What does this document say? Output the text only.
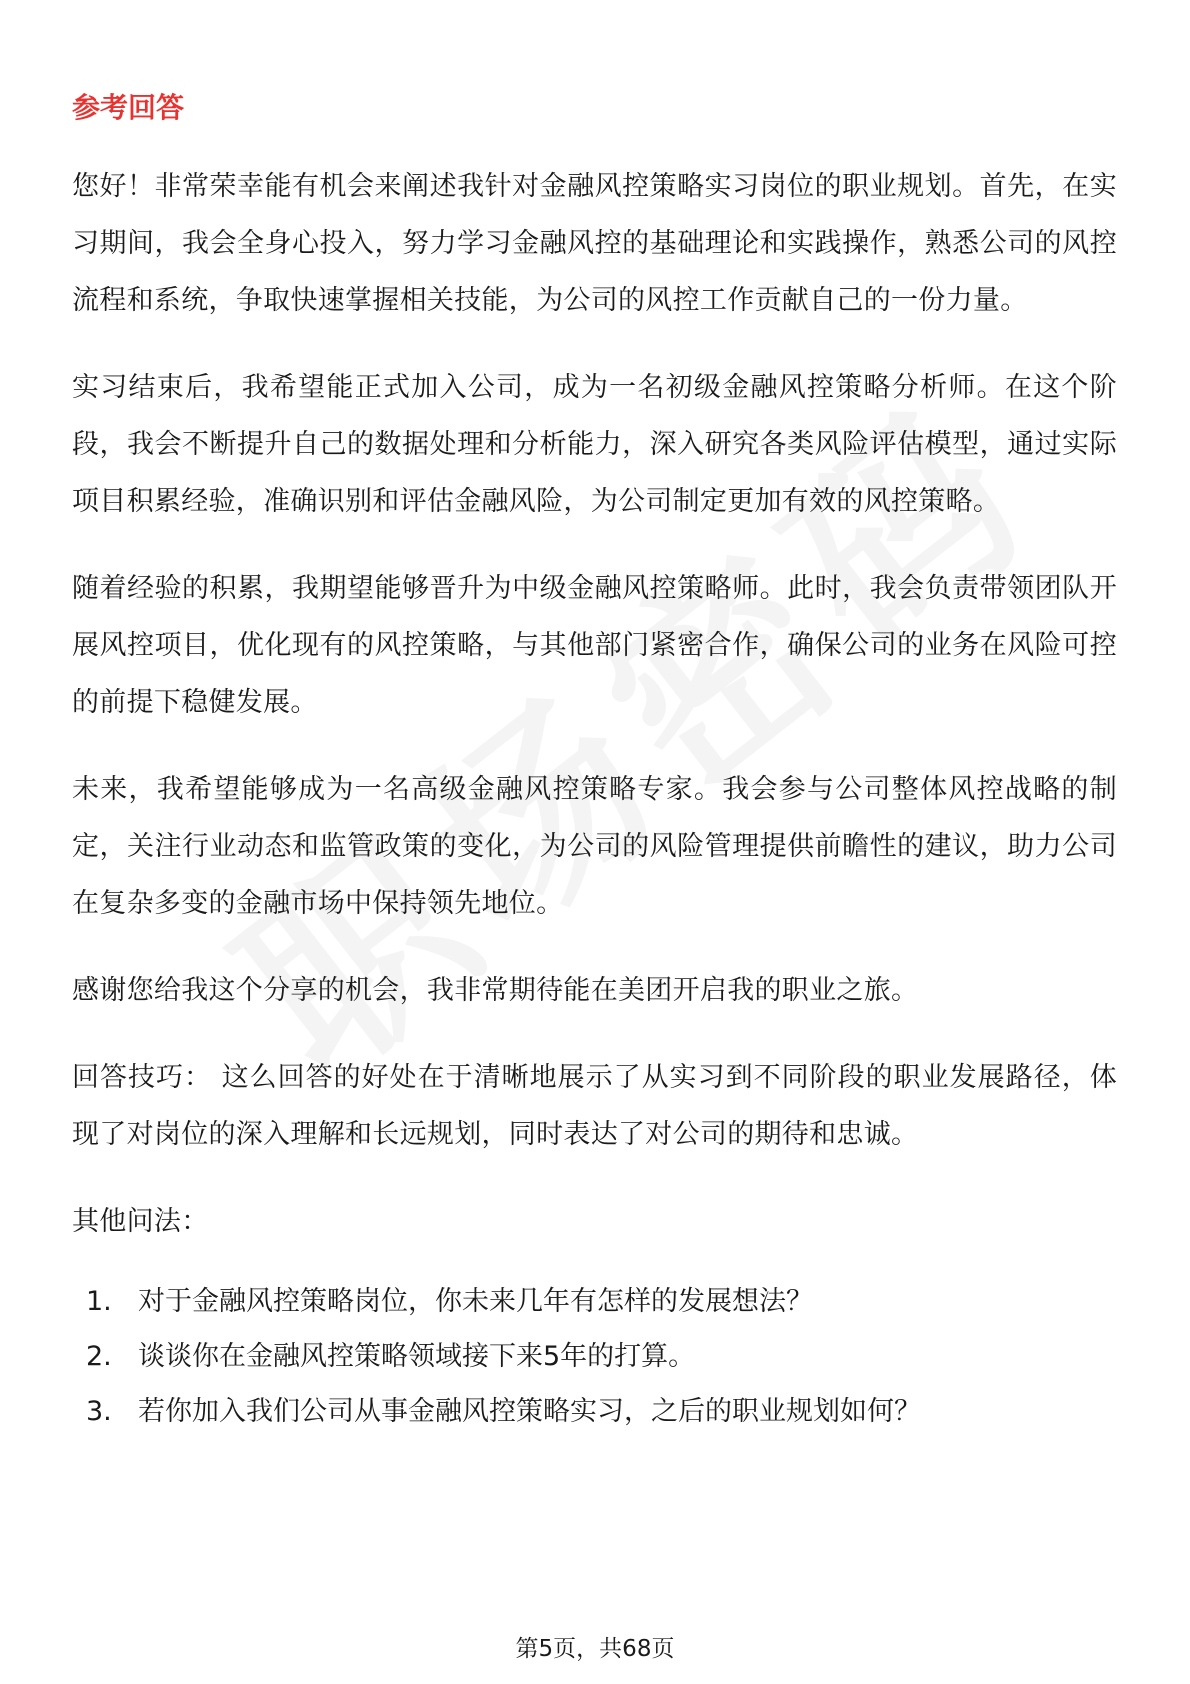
参考回答

您好！非常荣幸能有机会来阐述我针对金融风控策略实习岗位的职业规划。首先，在实习期间，我会全身心投入，努力学习金融风控的基础理论和实践操作，熟悉公司的风控流程和系统，争取快速掌握相关技能，为公司的风控工作贡献自己的一份力量。

实习结束后，我希望能正式加入公司，成为一名初级金融风控策略分析师。在这个阶段，我会不断提升自己的数据处理和分析能力，深入研究各类风险评估模型，通过实际项目积累经验，准确识别和评估金融风险，为公司制定更加有效的风控策略。

随着经验的积累，我期望能够晋升为中级金融风控策略师。此时，我会负责带领团队开展风控项目，优化现有的风控策略，与其他部门紧密合作，确保公司的业务在风险可控的前提下稳健发展。

未来，我希望能够成为一名高级金融风控策略专家。我会参与公司整体风控战略的制定，关注行业动态和监管政策的变化，为公司的风险管理提供前瞻性的建议，助力公司在复杂多变的金融市场中保持领先地位。

感谢您给我这个分享的机会，我非常期待能在美团开启我的职业之旅。

回答技巧： 这么回答的好处在于清晰地展示了从实习到不同阶段的职业发展路径，体现了对岗位的深入理解和长远规划，同时表达了对公司的期待和忠诚。

其他问法：

1. 对于金融风控策略岗位，你未来几年有怎样的发展想法？
2. 谈谈你在金融风控策略领域接下来5年的打算。
3. 若你加入我们公司从事金融风控策略实习，之后的职业规划如何？
第5页，共68页
